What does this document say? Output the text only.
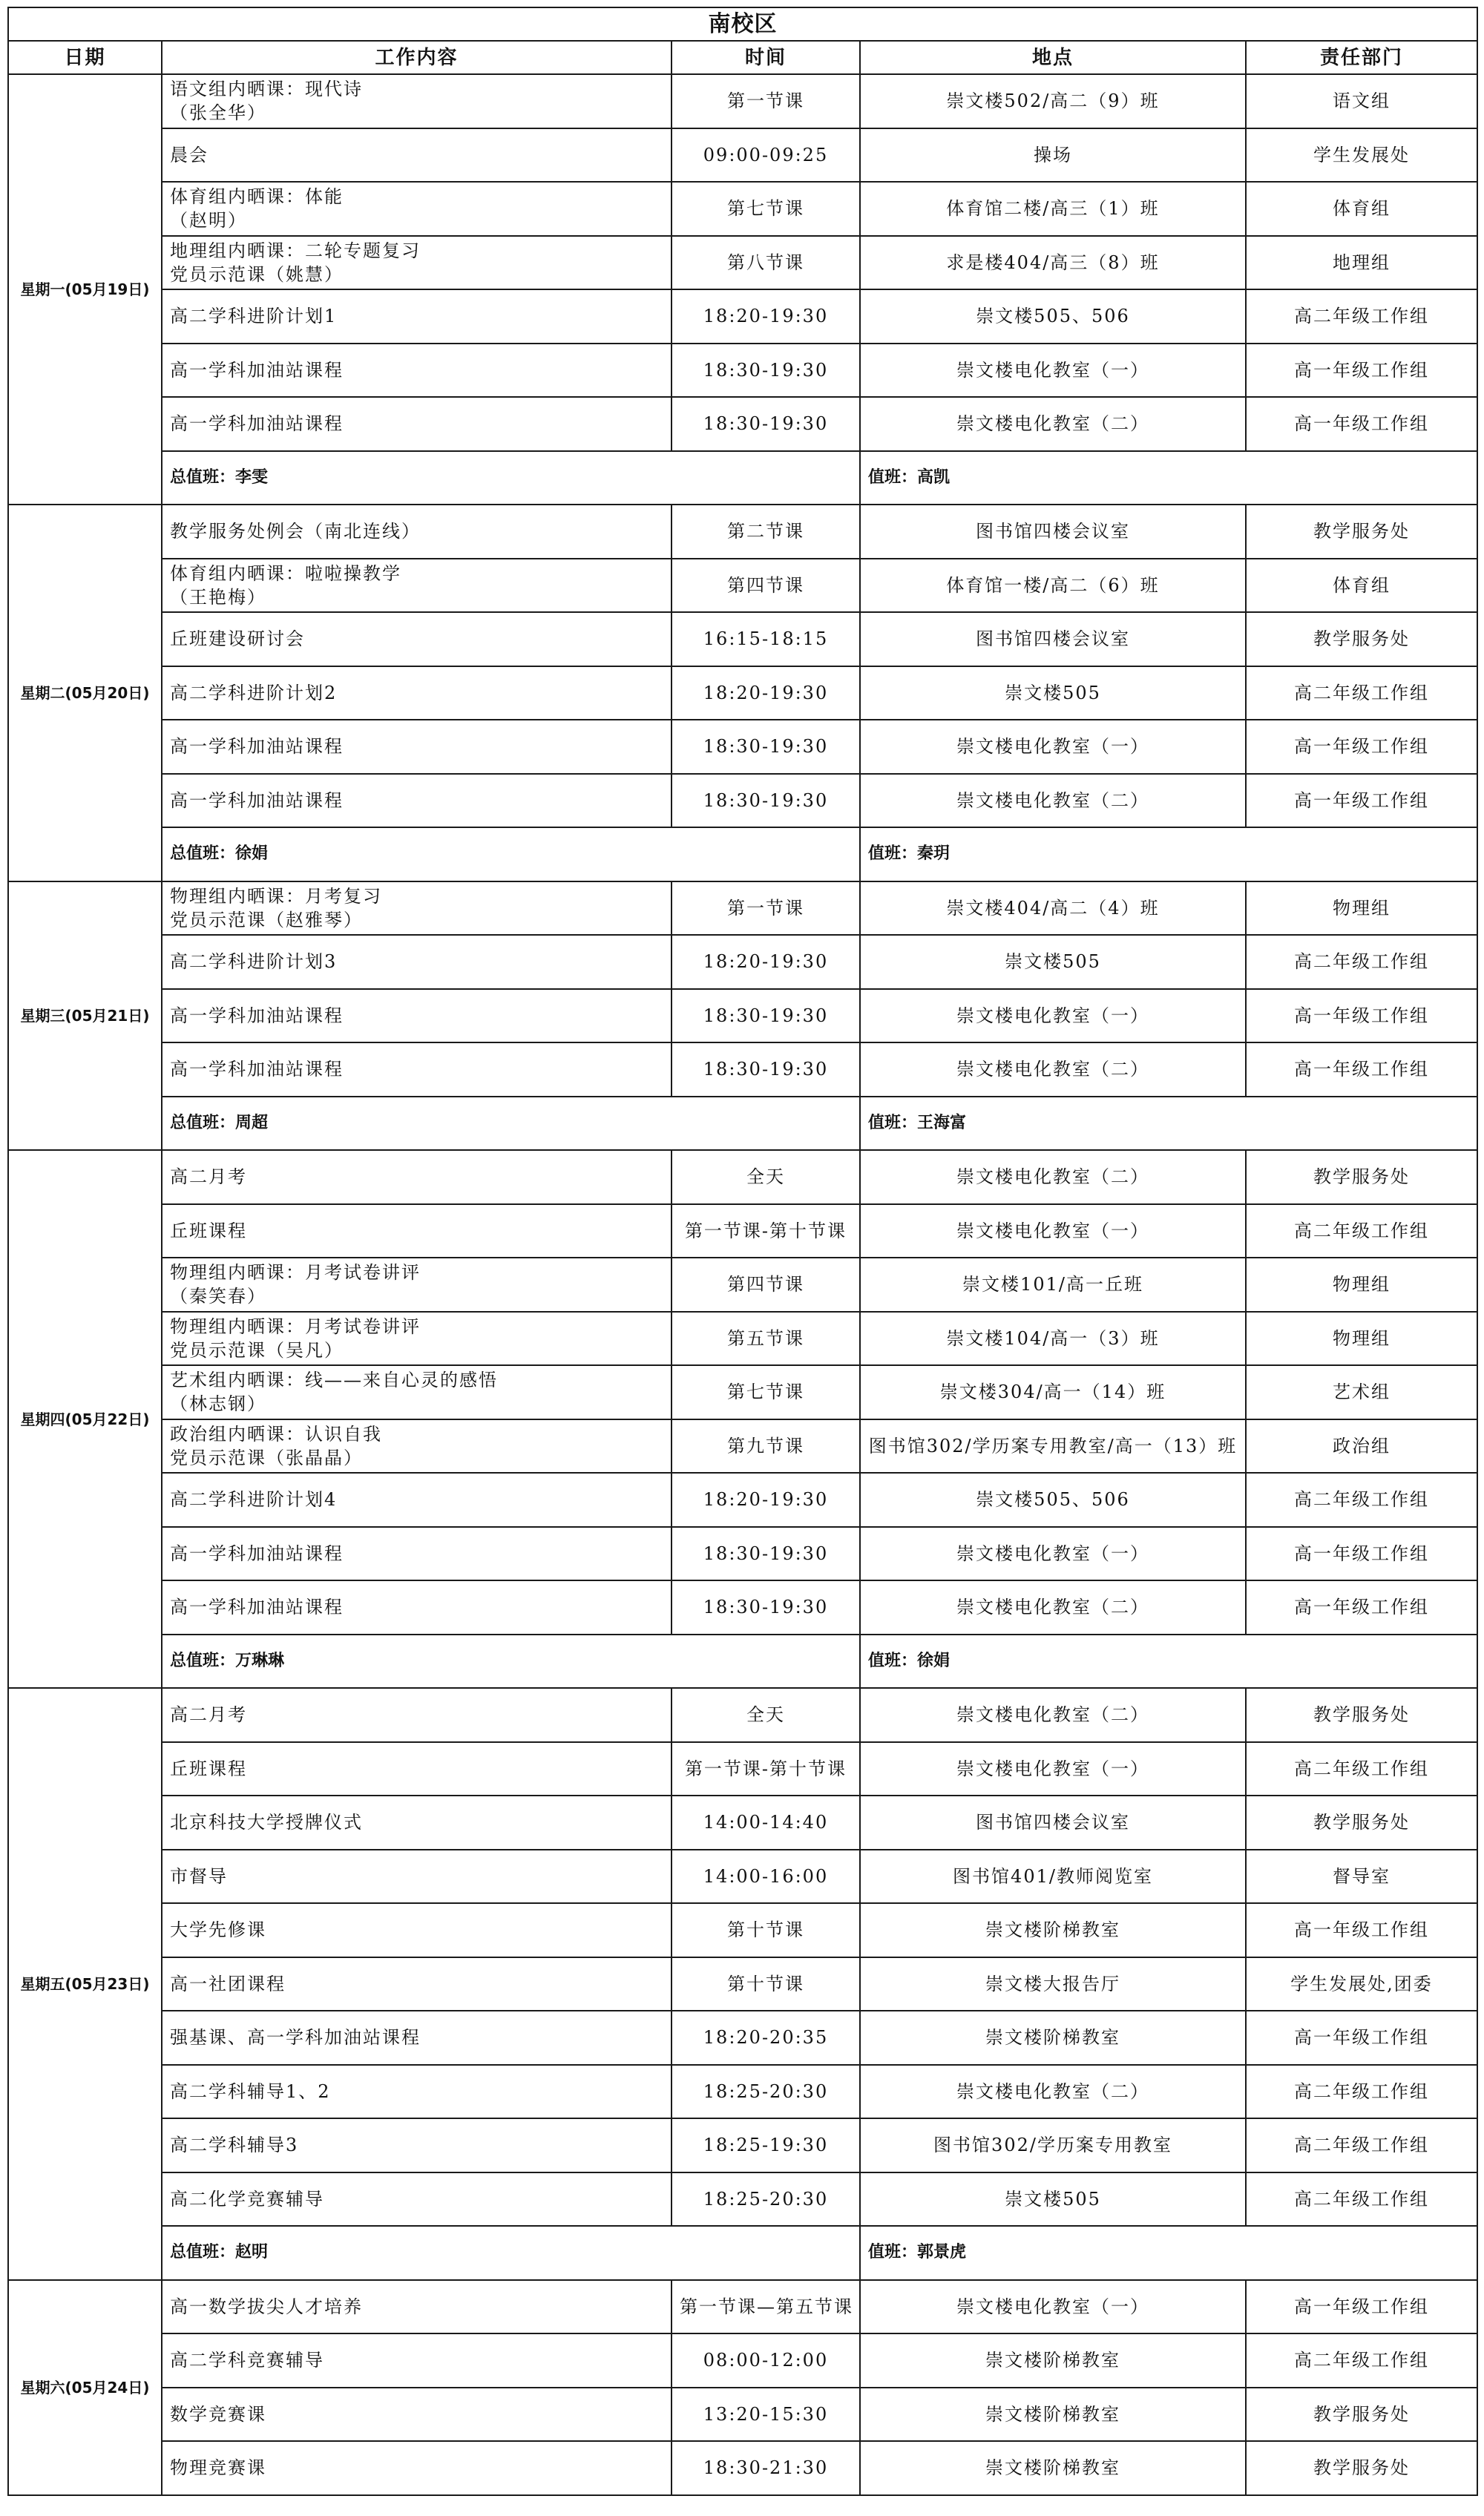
南校区				
日期	工作内容	时间	地点	责任部门
星期一(05月19日)	语文组内晒课：现代诗
（张全华）	第一节课	崇文楼502/高二（9）班	语文组

	晨会	09:00-09:25	操场	学生发展处

	体育组内晒课：体能
（赵明）	第七节课	体育馆二楼/高三（1）班	体育组

	地理组内晒课：二轮专题复习
党员示范课（姚慧）	第八节课	求是楼404/高三（8）班	地理组

	高二学科进阶计划1	18:20-19:30	崇文楼505、506	高二年级工作组

	高一学科加油站课程	18:30-19:30	崇文楼电化教室（一）	高一年级工作组

	高一学科加油站课程	18:30-19:30	崇文楼电化教室（二）	高一年级工作组
	总值班：李雯		值班：高凯	
星期二(05月20日)	教学服务处例会（南北连线）	第二节课	图书馆四楼会议室	教学服务处

	体育组内晒课：啦啦操教学
（王艳梅）	第四节课	体育馆一楼/高二（6）班	体育组

	丘班建设研讨会	16:15-18:15	图书馆四楼会议室	教学服务处

	高二学科进阶计划2	18:20-19:30	崇文楼505	高二年级工作组

	高一学科加油站课程	18:30-19:30	崇文楼电化教室（一）	高一年级工作组

	高一学科加油站课程	18:30-19:30	崇文楼电化教室（二）	高一年级工作组
	总值班：徐娟		值班：秦玥	
星期三(05月21日)	物理组内晒课：月考复习
党员示范课（赵雅琴）	第一节课	崇文楼404/高二（4）班	物理组

	高二学科进阶计划3	18:20-19:30	崇文楼505	高二年级工作组

	高一学科加油站课程	18:30-19:30	崇文楼电化教室（一）	高一年级工作组

	高一学科加油站课程	18:30-19:30	崇文楼电化教室（二）	高一年级工作组
	总值班：周超		值班：王海富	
星期四(05月22日)	高二月考	全天	崇文楼电化教室（二）	教学服务处

	丘班课程	第一节课-第十节课	崇文楼电化教室（一）	高二年级工作组

	物理组内晒课：月考试卷讲评
（秦笑春）	第四节课	崇文楼101/高一丘班	物理组

	物理组内晒课：月考试卷讲评
党员示范课（吴凡）	第五节课	崇文楼104/高一（3）班	物理组

	艺术组内晒课：线——来自心灵的感悟
（林志钢）	第七节课	崇文楼304/高一（14）班	艺术组

	政治组内晒课：认识自我
党员示范课（张晶晶）	第九节课	图书馆302/学历案专用教室/高一（13）班	政治组

	高二学科进阶计划4	18:20-19:30	崇文楼505、506	高二年级工作组

	高一学科加油站课程	18:30-19:30	崇文楼电化教室（一）	高一年级工作组

	高一学科加油站课程	18:30-19:30	崇文楼电化教室（二）	高一年级工作组
	总值班：万琳琳		值班：徐娟	
星期五(05月23日)	高二月考	全天	崇文楼电化教室（二）	教学服务处

	丘班课程	第一节课-第十节课	崇文楼电化教室（一）	高二年级工作组

	北京科技大学授牌仪式	14:00-14:40	图书馆四楼会议室	教学服务处

	市督导	14:00-16:00	图书馆401/教师阅览室	督导室

	大学先修课	第十节课	崇文楼阶梯教室	高一年级工作组

	高一社团课程	第十节课	崇文楼大报告厅	学生发展处,团委

	强基课、高一学科加油站课程	18:20-20:35	崇文楼阶梯教室	高一年级工作组

	高二学科辅导1、2	18:25-20:30	崇文楼电化教室（二）	高二年级工作组

	高二学科辅导3	18:25-19:30	图书馆302/学历案专用教室	高二年级工作组

	高二化学竞赛辅导	18:25-20:30	崇文楼505	高二年级工作组
	总值班：赵明		值班：郭景虎	
星期六(05月24日)	高一数学拔尖人才培养	第一节课—第五节课	崇文楼电化教室（一）	高一年级工作组

	高二学科竞赛辅导	08:00-12:00	崇文楼阶梯教室	高二年级工作组

	数学竞赛课	13:20-15:30	崇文楼阶梯教室	教学服务处

	物理竞赛课	18:30-21:30	崇文楼阶梯教室	教学服务处
